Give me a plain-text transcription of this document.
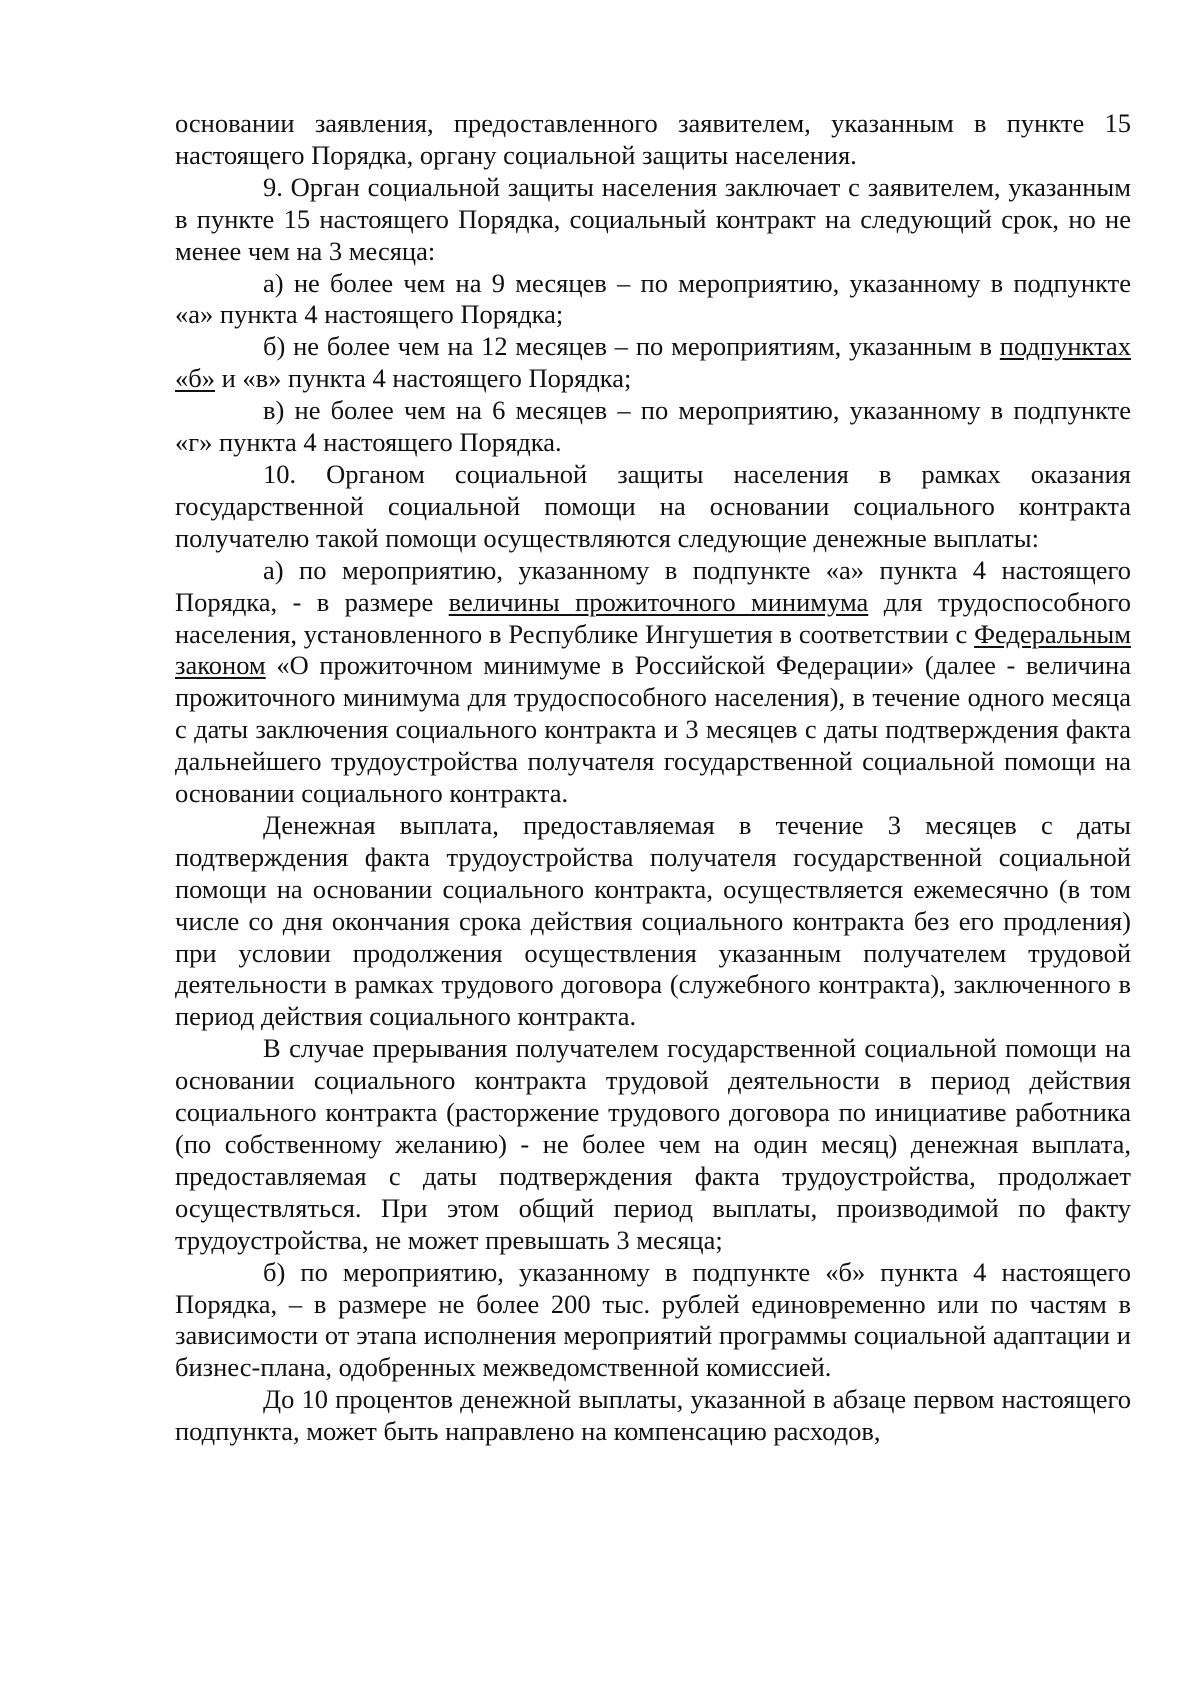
основании заявления, предоставленного заявителем, указанным в пункте 15 настоящего Порядка, органу социальной защиты населения.

9. Орган социальной защиты населения заключает с заявителем, указанным в пункте 15 настоящего Порядка, социальный контракт на следующий срок, но не менее чем на 3 месяца:

а) не более чем на 9 месяцев – по мероприятию, указанному в подпункте «а» пункта 4 настоящего Порядка;

б) не более чем на 12 месяцев – по мероприятиям, указанным в подпунктах «б» и «в» пункта 4 настоящего Порядка;

в) не более чем на 6 месяцев – по мероприятию, указанному в подпункте «г» пункта 4 настоящего Порядка.

10. Органом социальной защиты населения в рамках оказания государственной социальной помощи на основании социального контракта получателю такой помощи осуществляются следующие денежные выплаты:

а) по мероприятию, указанному в подпункте «а» пункта 4 настоящего Порядка, - в размере величины прожиточного минимума для трудоспособного населения, установленного в Республике Ингушетия в соответствии с Федеральным законом «О прожиточном минимуме в Российской Федерации» (далее - величина прожиточного минимума для трудоспособного населения), в течение одного месяца с даты заключения социального контракта и 3 месяцев с даты подтверждения факта дальнейшего трудоустройства получателя государственной социальной помощи на основании социального контракта.

Денежная выплата, предоставляемая в течение 3 месяцев с даты подтверждения факта трудоустройства получателя государственной социальной помощи на основании социального контракта, осуществляется ежемесячно (в том числе со дня окончания срока действия социального контракта без его продления) при условии продолжения осуществления указанным получателем трудовой деятельности в рамках трудового договора (служебного контракта), заключенного в период действия социального контракта.

В случае прерывания получателем государственной социальной помощи на основании социального контракта трудовой деятельности в период действия социального контракта (расторжение трудового договора по инициативе работника (по собственному желанию) - не более чем на один месяц) денежная выплата, предоставляемая с даты подтверждения факта трудоустройства, продолжает осуществляться. При этом общий период выплаты, производимой по факту трудоустройства, не может превышать 3 месяца;

б) по мероприятию, указанному в подпункте «б» пункта 4 настоящего Порядка, – в размере не более 200 тыс. рублей единовременно или по частям в зависимости от этапа исполнения мероприятий программы социальной адаптации и бизнес-плана, одобренных межведомственной комиссией.

До 10 процентов денежной выплаты, указанной в абзаце первом настоящего подпункта, может быть направлено на компенсацию расходов,
